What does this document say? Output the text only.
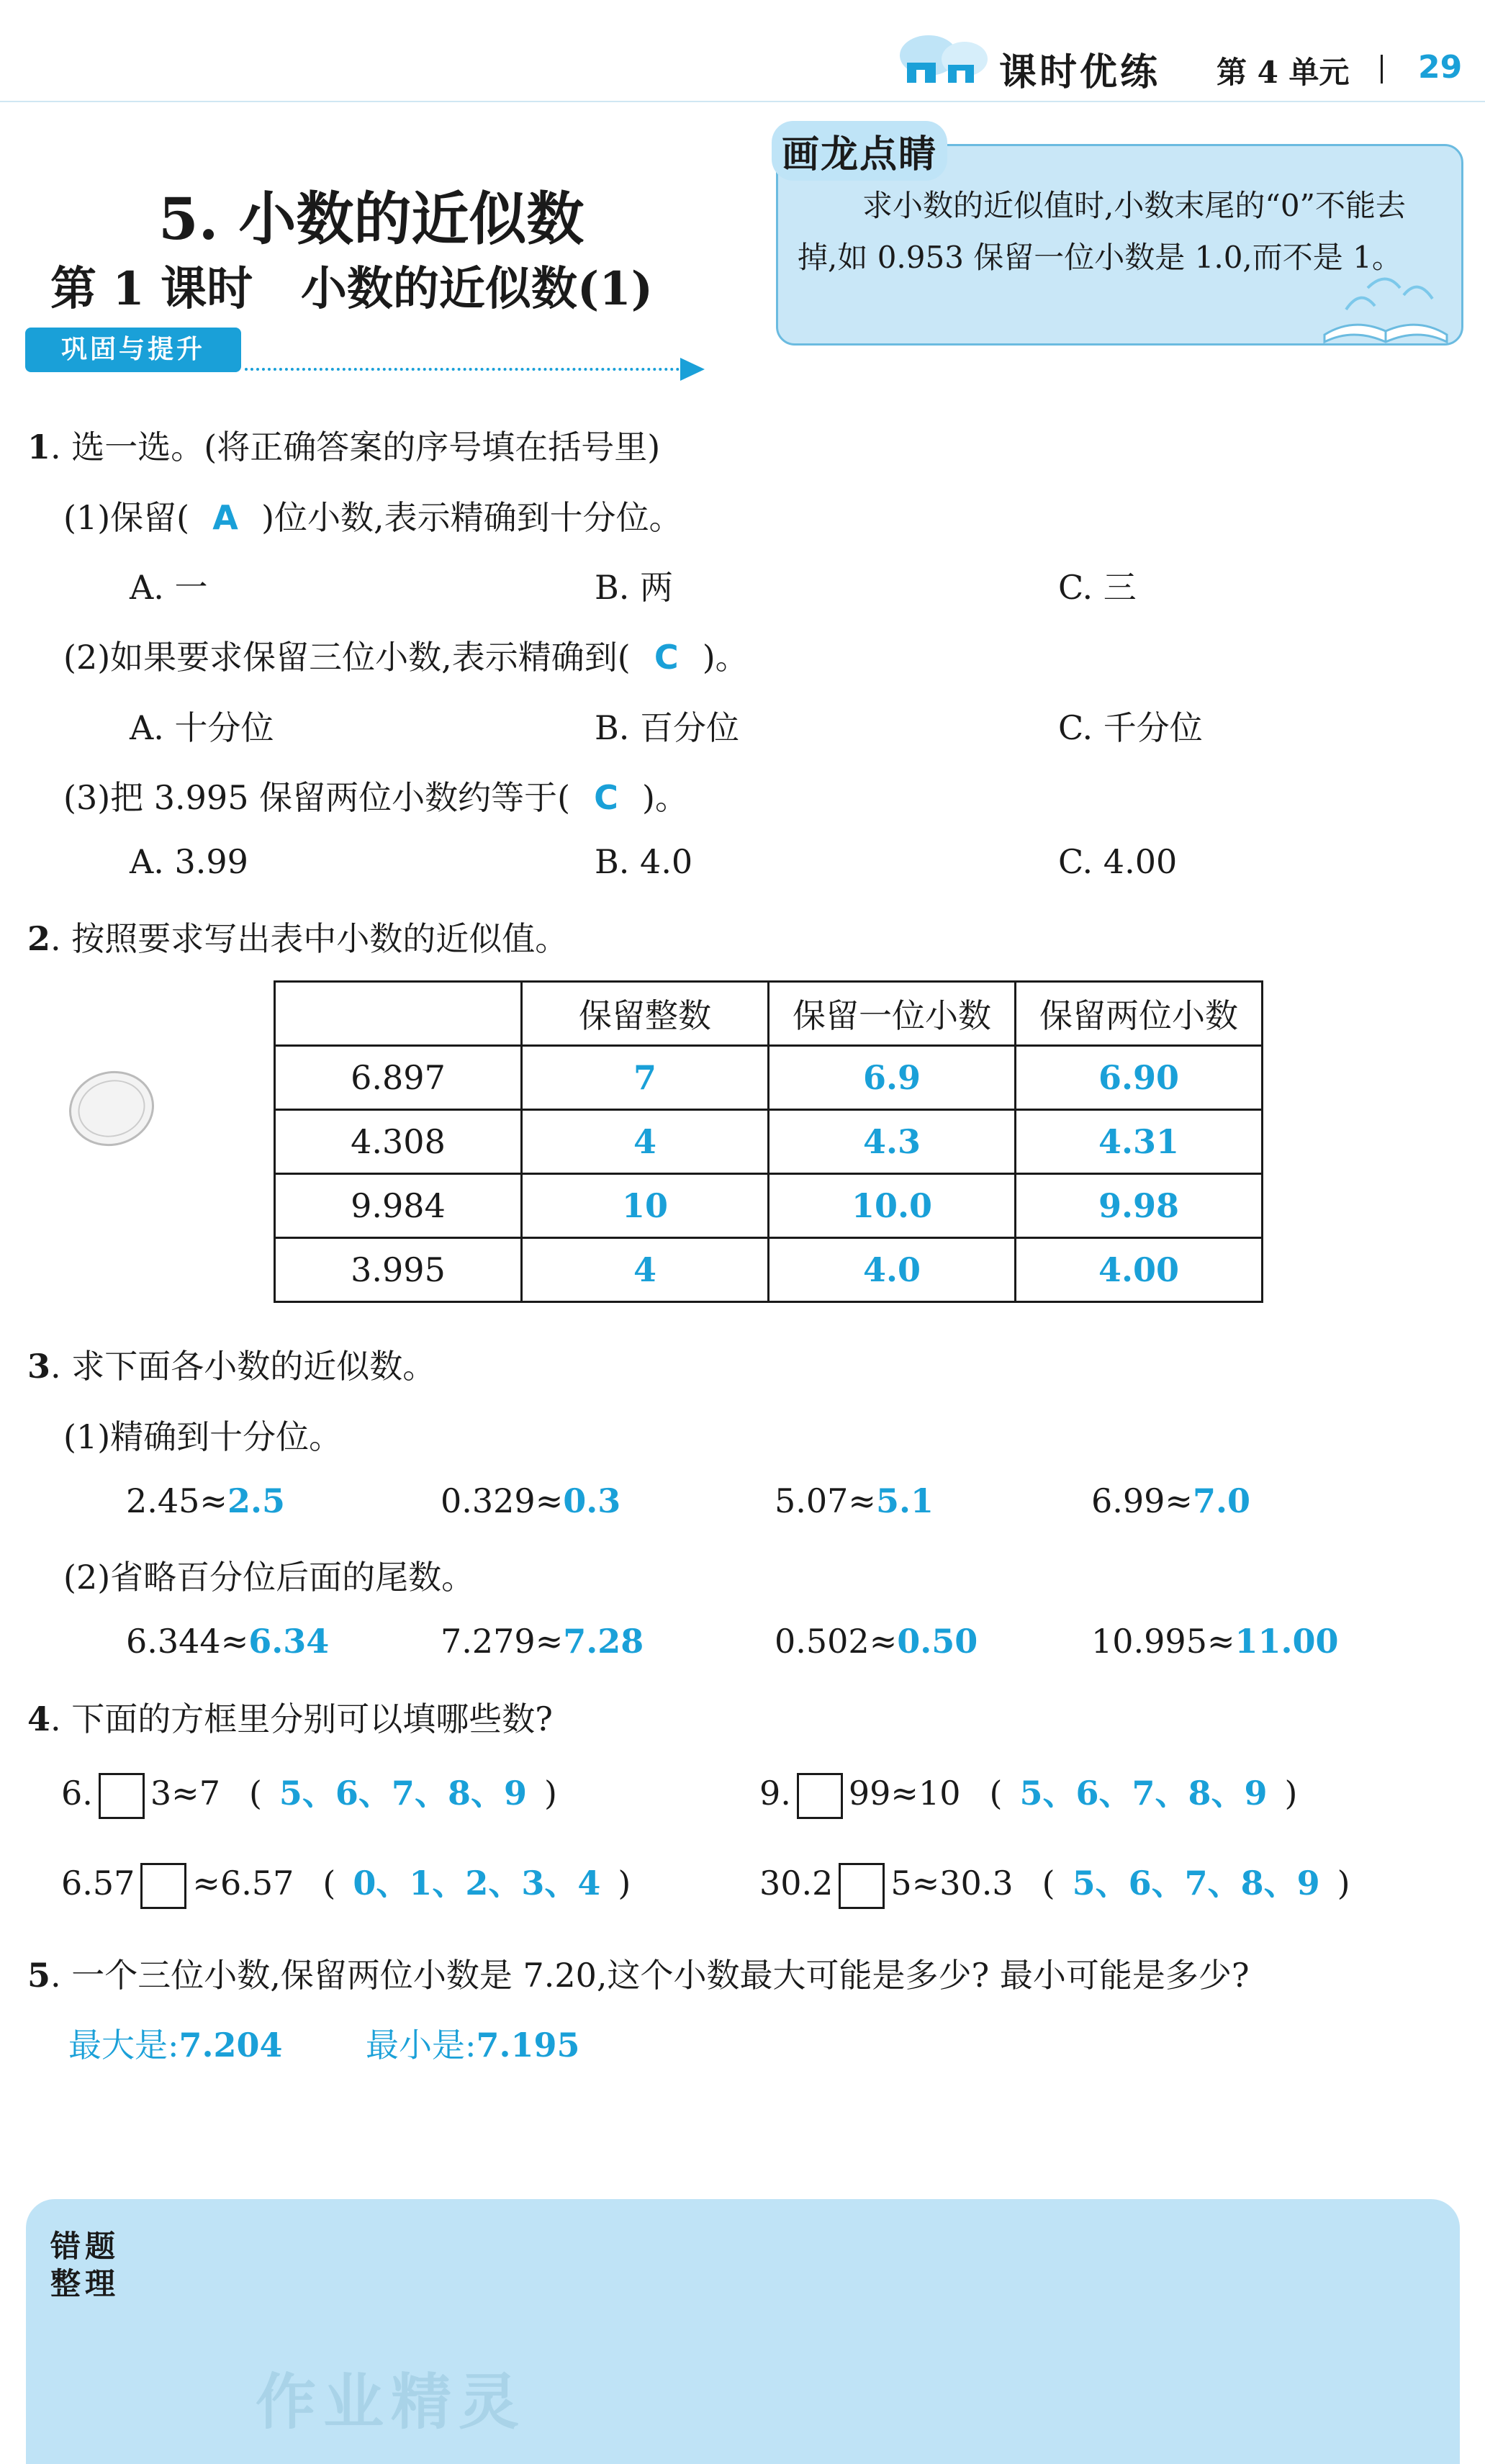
课时优练 第 4 单元 29
5. 小数的近似数
第 1 课时   小数的近似数(1)
画龙点睛
求小数的近似值时,小数末尾的“0”不能去掉,如 0.953 保留一位小数是 1.0,而不是 1。
巩固与提升
1. 选一选。(将正确答案的序号填在括号里)
(1)保留( A )位小数,表示精确到十分位。
A. 一	B. 两	C. 三
(2)如果要求保留三位小数,表示精确到( C )。
A. 十分位	B. 百分位	C. 千分位
(3)把 3.995 保留两位小数约等于( C )。
A. 3.99	B. 4.0	C. 4.00
2. 按照要求写出表中小数的近似值。
	保留整数	保留一位小数	保留两位小数
6.897	7	6.9	6.90
4.308	4	4.3	4.31
9.984	10	10.0	9.98
3.995	4	4.0	4.00
3. 求下面各小数的近似数。
(1)精确到十分位。
2.45≈2.5	0.329≈0.3	5.07≈5.1	6.99≈7.0
(2)省略百分位后面的尾数。
6.344≈6.34	7.279≈7.28	0.502≈0.50	10.995≈11.00
4. 下面的方框里分别可以填哪些数?
6. 3≈7 ( 5、6、7、8、9 )	9. 99≈10 ( 5、6、7、8、9 )
6.57 ≈6.57 ( 0、1、2、3、4 )	30.2 5≈30.3 ( 5、6、7、8、9 )
5. 一个三位小数,保留两位小数是 7.20,这个小数最大可能是多少? 最小可能是多少?
最大是:7.204	最小是:7.195
错题
整理
作业精灵
